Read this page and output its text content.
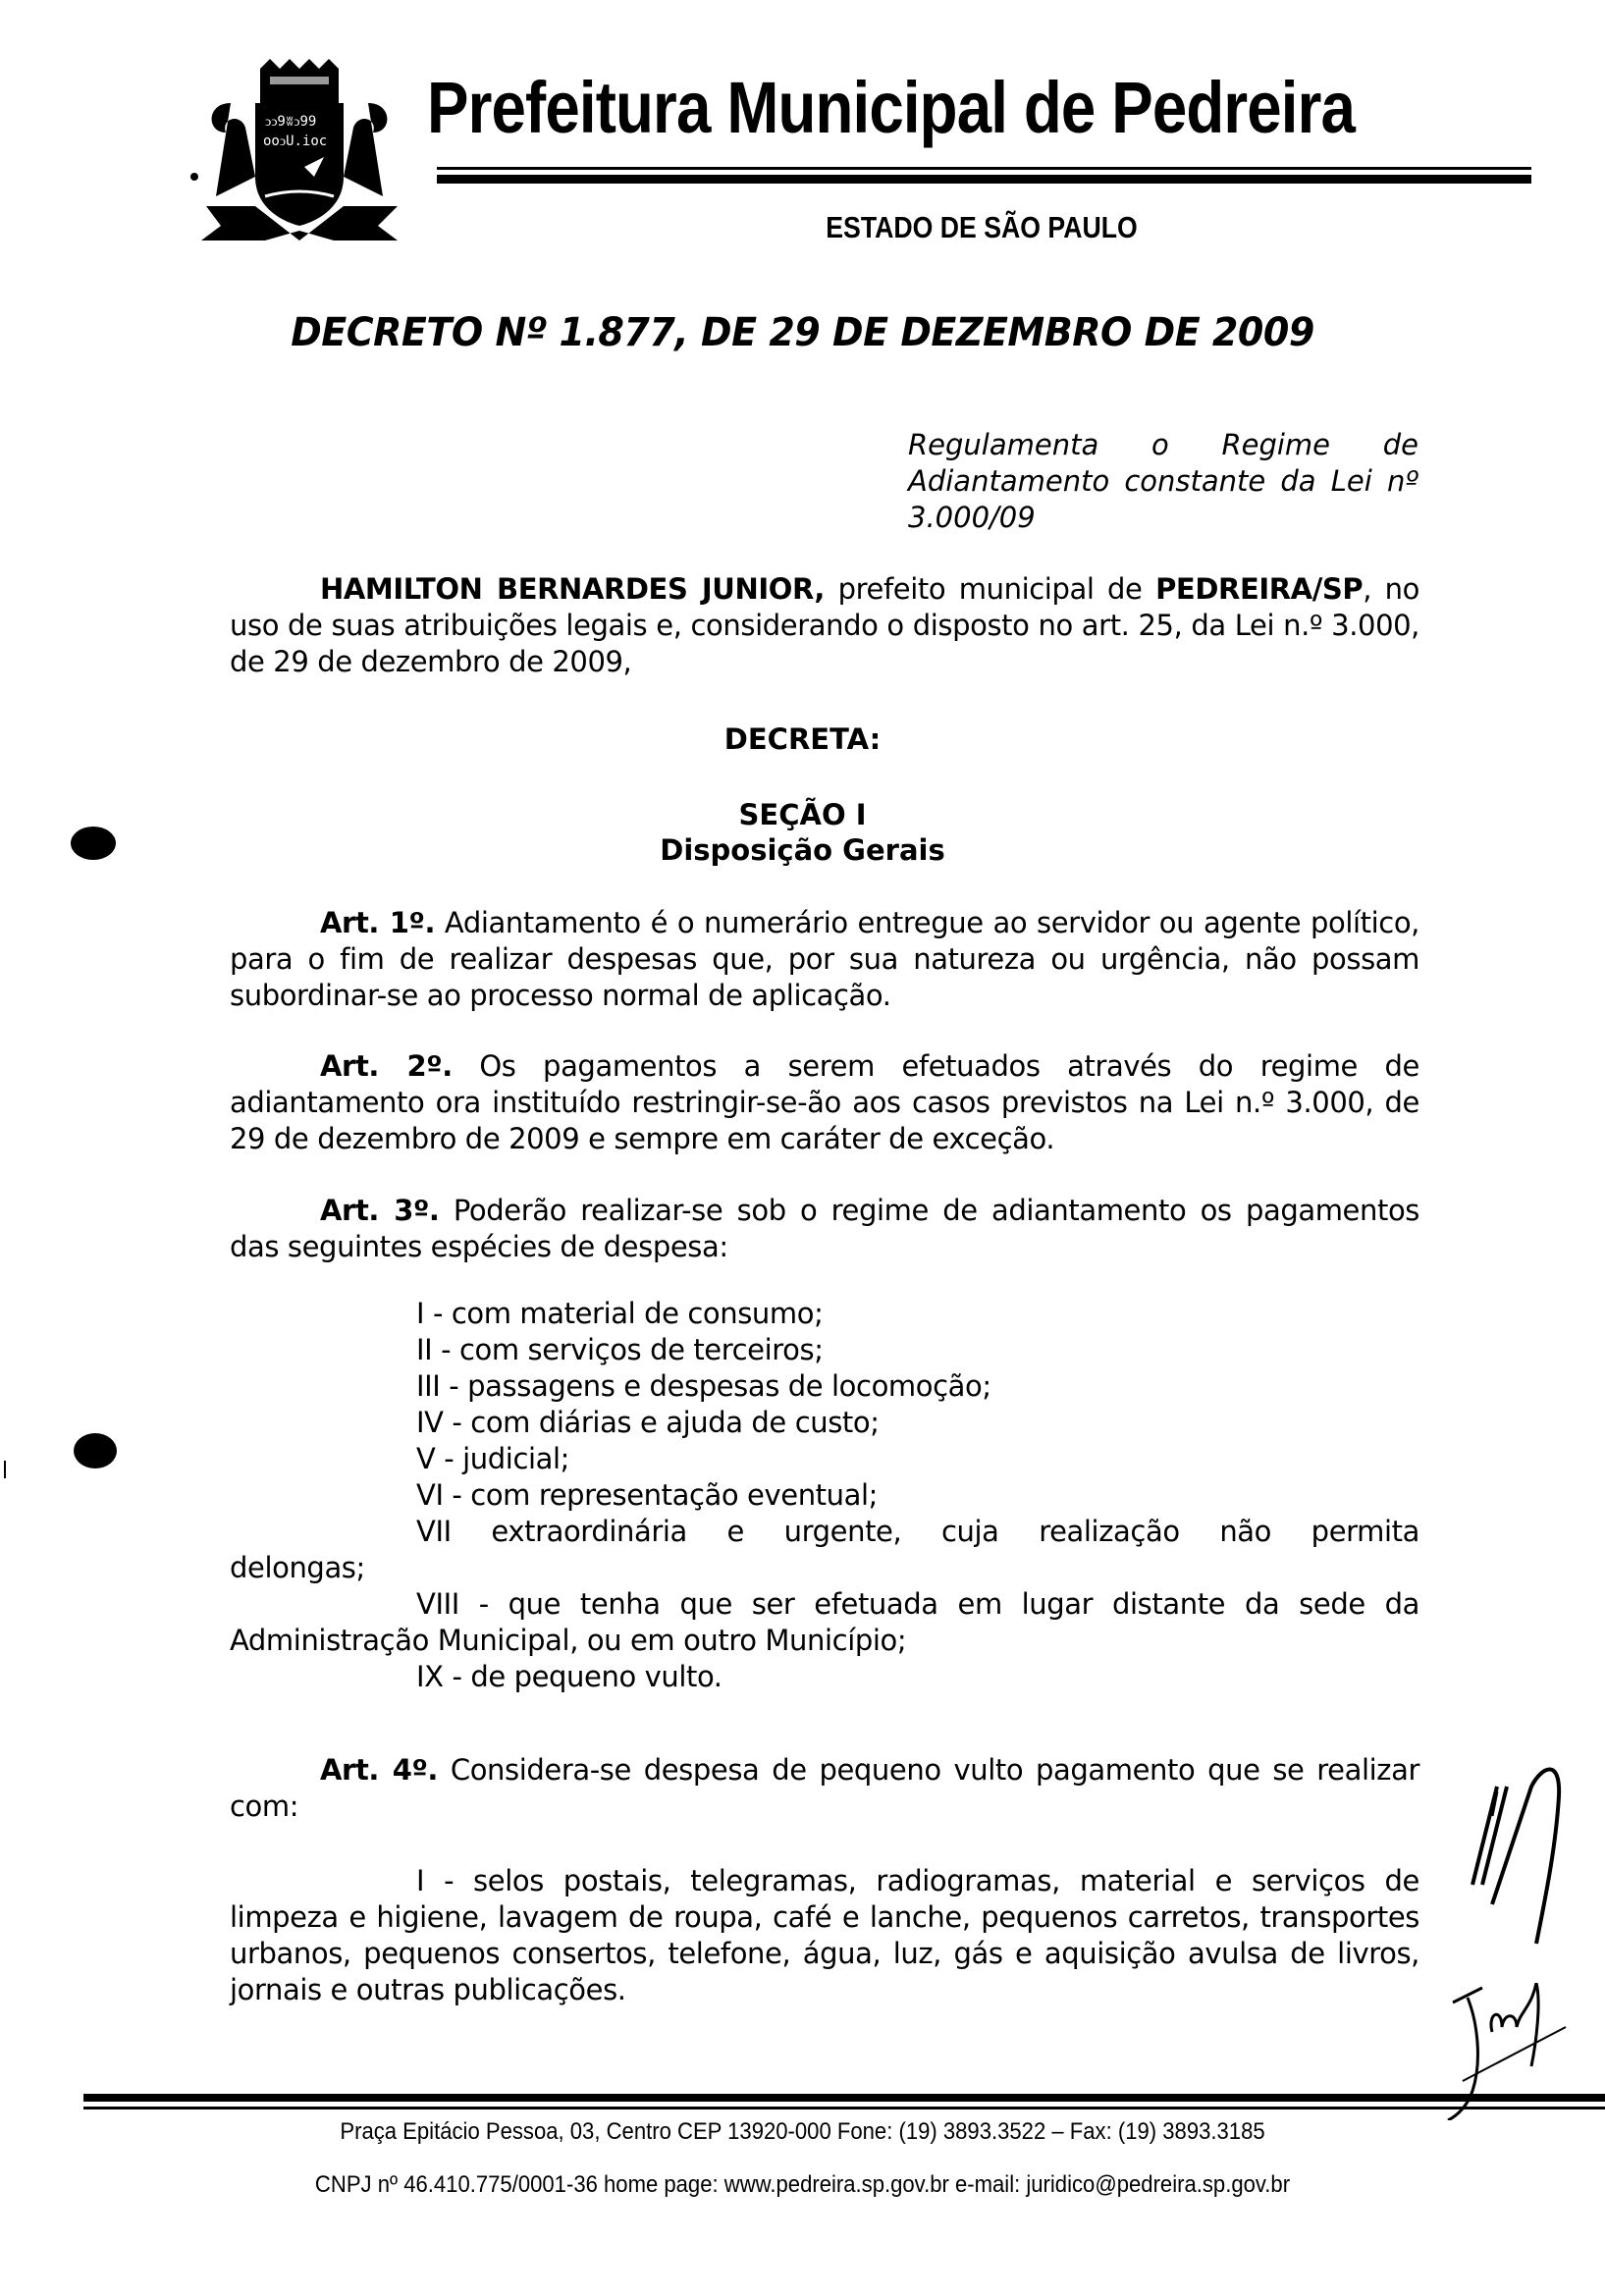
ↄↄ9ʬↄ99
ooↄU.ioc Prefeitura Municipal de Pedreira
ESTADO DE SÃO PAULO
DECRETO Nº 1.877, DE 29 DE DEZEMBRO DE 2009
Regulamenta o Regime de
Adiantamento constante da Lei nº
3.000/09
HAMILTON BERNARDES JUNIOR, prefeito municipal de PEDREIRA/SP, no uso de suas atribuições legais e, considerando o disposto no art. 25, da Lei n.º 3.000, de 29 de dezembro de 2009,
DECRETA:
SEÇÃO I
Disposição Gerais
Art. 1º. Adiantamento é o numerário entregue ao servidor ou agente político, para o fim de realizar despesas que, por sua natureza ou urgência, não possam subordinar-se ao processo normal de aplicação.
Art. 2º. Os pagamentos a serem efetuados através do regime de adiantamento ora instituído restringir-se-ão aos casos previstos na Lei n.º 3.000, de 29 de dezembro de 2009 e sempre em caráter de exceção.
Art. 3º. Poderão realizar-se sob o regime de adiantamento os pagamentos das seguintes espécies de despesa:
I - com material de consumo;
II - com serviços de terceiros;
III - passagens e despesas de locomoção;
IV - com diárias e ajuda de custo;
V - judicial;
VI - com representação eventual;
VII extraordinária e urgente, cuja realização não permita
delongas;
VIII - que tenha que ser efetuada em lugar distante da sede da
Administração Municipal, ou em outro Município;
IX - de pequeno vulto.
Art. 4º. Considera-se despesa de pequeno vulto pagamento que se realizar com:
I - selos postais, telegramas, radiogramas, material e serviços de limpeza e higiene, lavagem de roupa, café e lanche, pequenos carretos, transportes urbanos, pequenos consertos, telefone, água, luz, gás e aquisição avulsa de livros, jornais e outras publicações.
Praça Epitácio Pessoa, 03, Centro CEP 13920-000 Fone: (19) 3893.3522 – Fax: (19) 3893.3185
CNPJ nº 46.410.775/0001-36 home page: www.pedreira.sp.gov.br e-mail: juridico@pedreira.sp.gov.br
